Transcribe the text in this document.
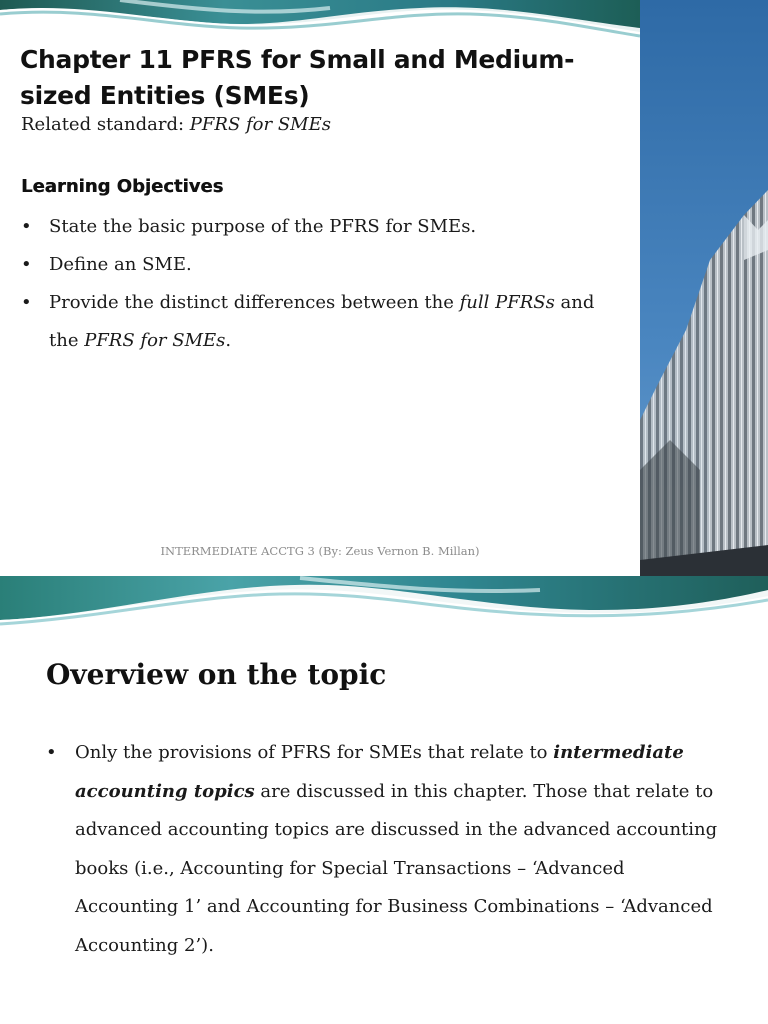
Chapter 11 PFRS for Small and Medium-sized Entities (SMEs)

Related standard: PFRS for SMEs

Learning Objectives
• State the basic purpose of the PFRS for SMEs.
• Define an SME.
• Provide the distinct differences between the full PFRSs and the PFRS for SMEs.

INTERMEDIATE ACCTG 3 (By: Zeus Vernon B. Millan)

Overview on the topic
• Only the provisions of PFRS for SMEs that relate to intermediate accounting topics are discussed in this chapter. Those that relate to advanced accounting topics are discussed in the advanced accounting books (i.e., Accounting for Special Transactions – ‘Advanced Accounting 1’ and Accounting for Business Combinations – ‘Advanced Accounting 2’).
